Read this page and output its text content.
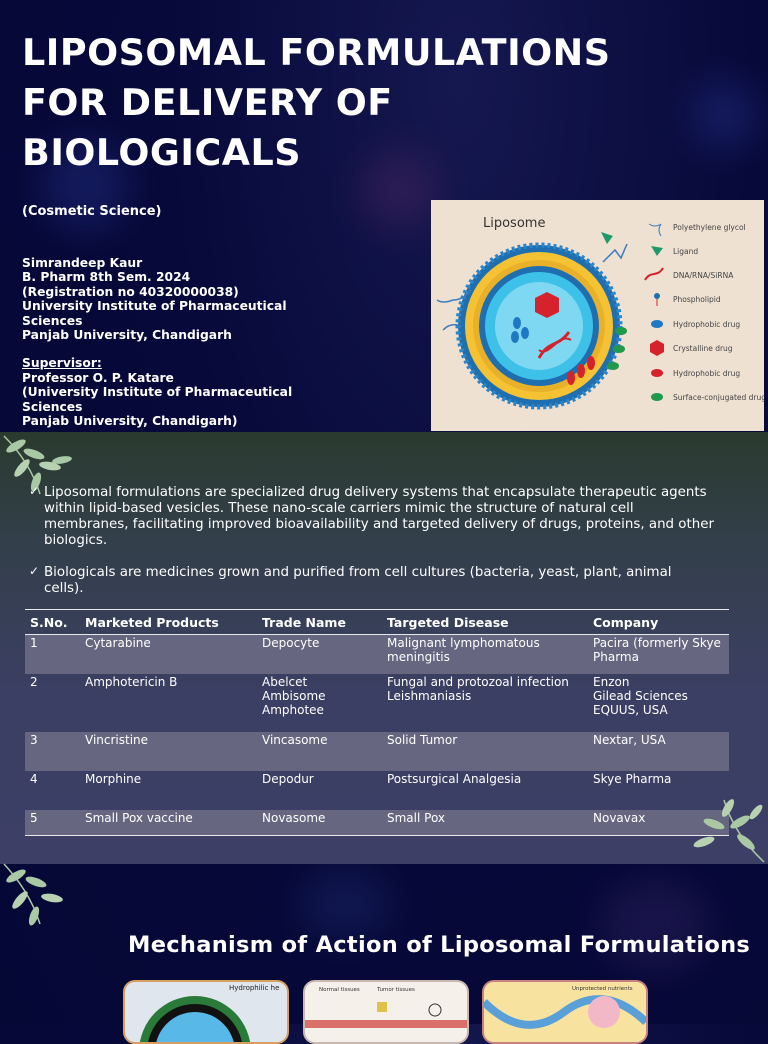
LIPOSOMAL FORMULATIONS FOR DELIVERY OF BIOLOGICALS
(Cosmetic Science)
Simrandeep Kaur
B. Pharm 8th Sem. 2024
(Registration no 40320000038)
University Institute of Pharmaceutical Sciences
Panjab University, Chandigarh
Supervisor:
Professor O. P. Katare
(University Institute of Pharmaceutical Sciences
Panjab University, Chandigarh)
Liposome	Polyethylene glycol
Ligand
DNA/RNA/SiRNA
Phospholipid
Hydrophobic drug
Crystalline drug
Hydrophobic drug
Surface-conjugated drug
✓ Liposomal formulations are specialized drug delivery systems that encapsulate therapeutic agents within lipid-based vesicles. These nano-scale carriers mimic the structure of natural cell membranes, facilitating improved bioavailability and targeted delivery of drugs, proteins, and other biologics.
✓ Biologicals are medicines grown and purified from cell cultures (bacteria, yeast, plant, animal cells).
S.No.	Marketed Products	Trade Name	Targeted Disease	Company
1	Cytarabine	Depocyte	Malignant lymphomatous meningitis	Pacira (formerly Skye Pharma
2	Amphotericin B	Abelcet
Ambisome
Amphotee	Fungal and protozoal infection
Leishmaniasis	Enzon
Gilead Sciences
EQUUS, USA
3	Vincristine	Vincasome	Solid Tumor	Nextar, USA
4	Morphine	Depodur	Postsurgical Analgesia	Skye Pharma
5	Small Pox vaccine	Novasome	Small Pox	Novavax
Mechanism of Action of Liposomal Formulations
Hydrophilic he	Normal tissues	Tumor tissues	Unprotected nutrients
